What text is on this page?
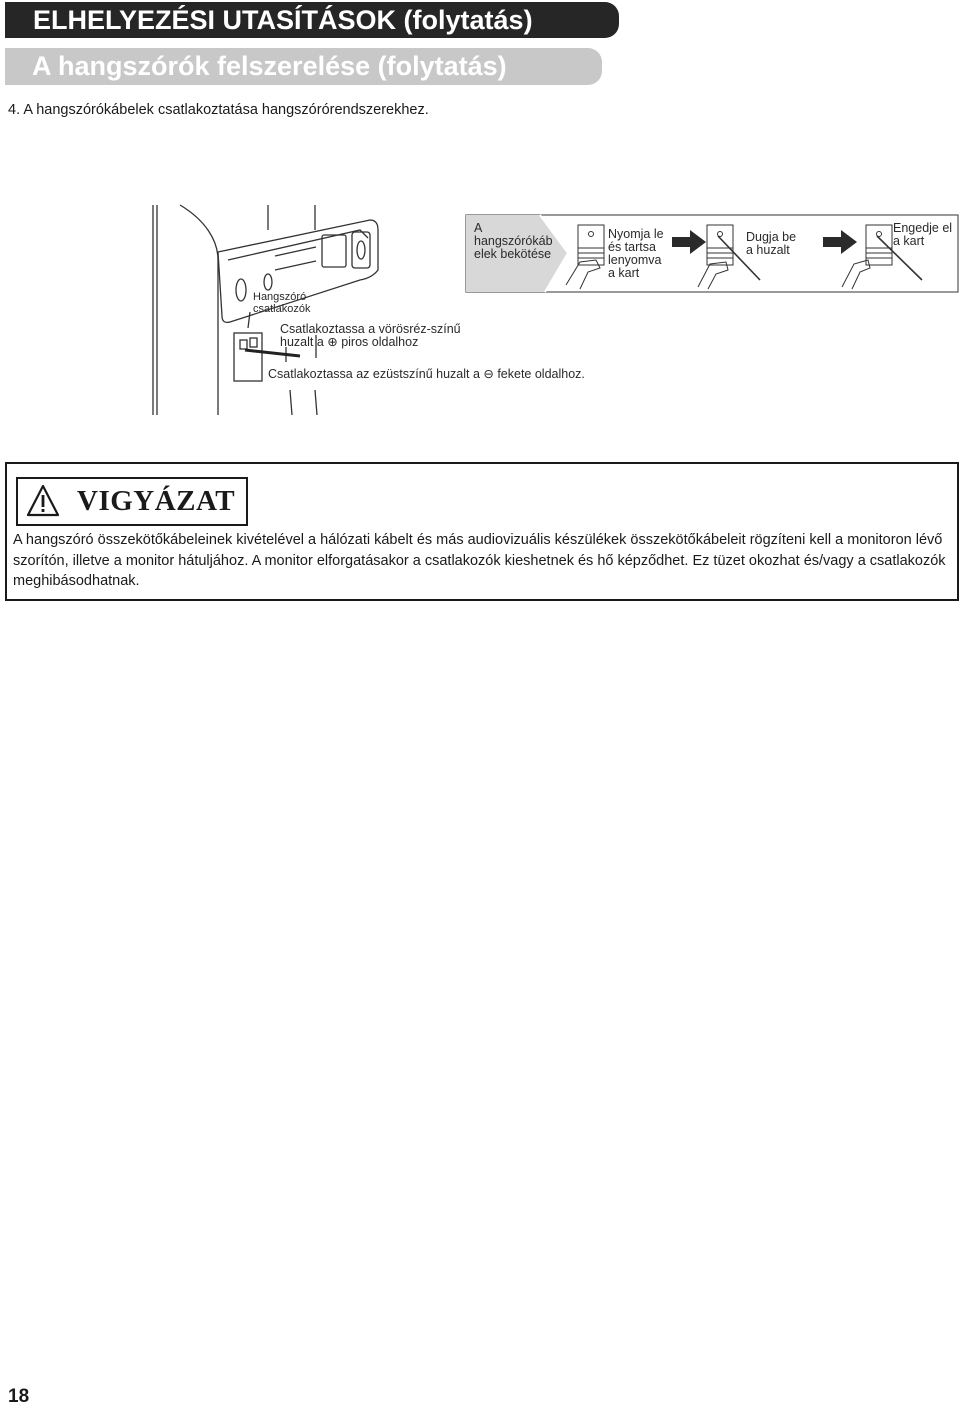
ELHELYEZÉSI UTASÍTÁSOK (folytatás)
A hangszórók felszerelése (folytatás)
4. A hangszórókábelek csatlakoztatása hangszórórendszerekhez.
Hangszóró
csatlakozók
Csatlakoztassa a vörösréz-színű
huzalt a ⊕ piros oldalhoz
Csatlakoztassa az ezüstszínű huzalt a ⊖ fekete oldalhoz.
A
hangszórókáb
elek bekötése
Nyomja le
és tartsa
lenyomva
a kart
Dugja be
a huzalt
Engedje el
a kart
VIGYÁZAT
A hangszóró összekötőkábeleinek kivételével a hálózati kábelt és más audiovizuális készülékek összekötőkábeleit rögzíteni kell a monitoron lévő szorítón, illetve a monitor hátuljához. A monitor elforgatásakor a csatlakozók kieshetnek és hő képződhet. Ez tüzet okozhat és/vagy a csatlakozók meghibásodhatnak.
18
